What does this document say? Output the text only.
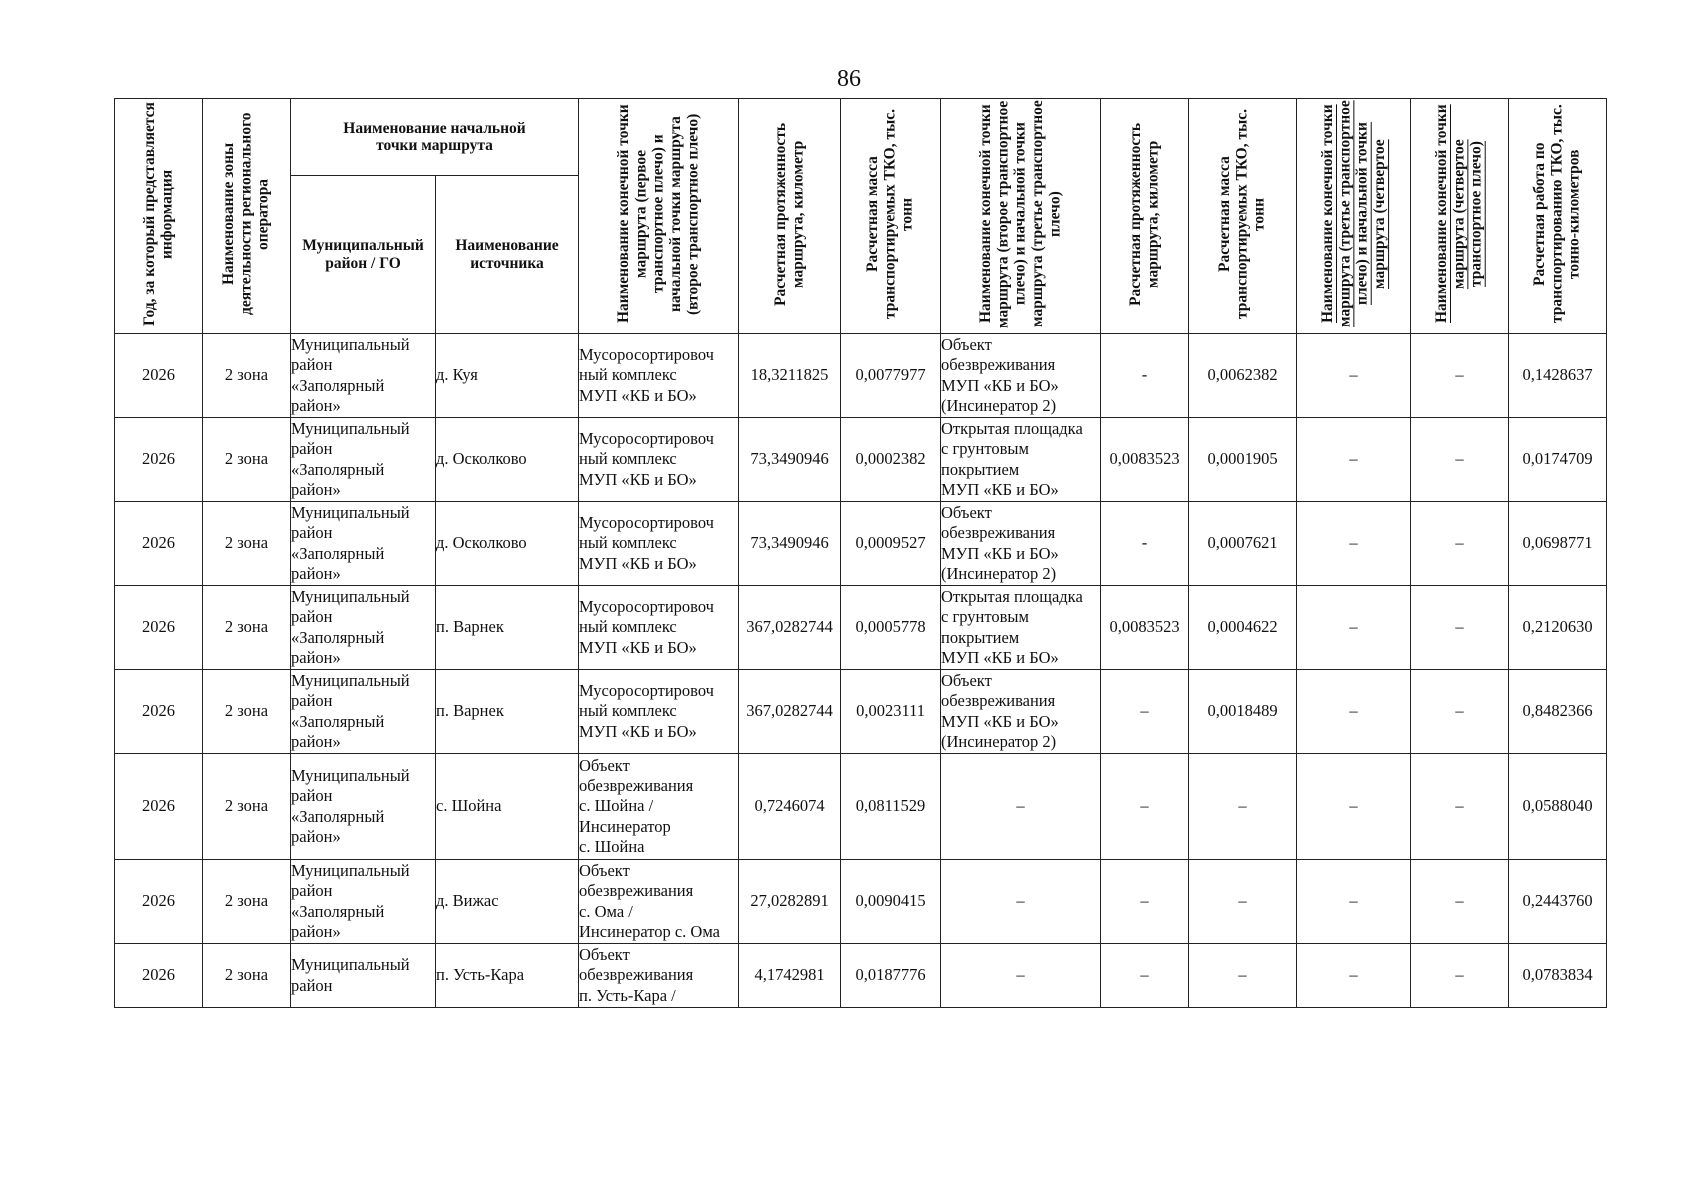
86
Год, за который представляется информация	Наименование зоны деятельности регионального оператора	Наименование начальной точки маршрута		Наименование конечной точки маршрута (первое транспортное плечо) и начальной точки маршрута (второе транспортное плечо)	Расчетная протяженность маршрута, километр	Расчетная масса транспортируемых ТКО, тыс. тонн	Наименование конечной точки маршрута (второе транспортное плечо) и начальной точки маршрута (третье транспортное плечо)	Расчетная протяженность маршрута, километр	Расчетная масса транспортируемых ТКО, тыс. тонн	Наименование конечной точки маршрута (третье транспортное плечо) и начальной точки маршрута (четвертое	Наименование конечной точки маршрута (четвертое транспортное плечо)	Расчетная работа по транспортированию ТКО, тыс. тонно-километров

		Муниципальный район / ГО	Наименование источника									

2026	2 зона	Муниципальный
район
«Заполярный
район»	д. Куя	Мусоросортировоч
ный комплекс
МУП «КБ и БО»	18,3211825	0,0077977	Объект
обезвреживания
МУП «КБ и БО»
(Инсинератор 2)	-	0,0062382	–	–	0,1428637
2026	2 зона	Муниципальный
район
«Заполярный
район»	д. Осколково	Мусоросортировоч
ный комплекс
МУП «КБ и БО»	73,3490946	0,0002382	Открытая площадка
с грунтовым
покрытием
МУП «КБ и БО»	0,0083523	0,0001905	–	–	0,0174709
2026	2 зона	Муниципальный
район
«Заполярный
район»	д. Осколково	Мусоросортировоч
ный комплекс
МУП «КБ и БО»	73,3490946	0,0009527	Объект
обезвреживания
МУП «КБ и БО»
(Инсинератор 2)	-	0,0007621	–	–	0,0698771
2026	2 зона	Муниципальный
район
«Заполярный
район»	п. Варнек	Мусоросортировоч
ный комплекс
МУП «КБ и БО»	367,0282744	0,0005778	Открытая площадка
с грунтовым
покрытием
МУП «КБ и БО»	0,0083523	0,0004622	–	–	0,2120630
2026	2 зона	Муниципальный
район
«Заполярный
район»	п. Варнек	Мусоросортировоч
ный комплекс
МУП «КБ и БО»	367,0282744	0,0023111	Объект
обезвреживания
МУП «КБ и БО»
(Инсинератор 2)	–	0,0018489	–	–	0,8482366
2026	2 зона	Муниципальный
район
«Заполярный
район»	с. Шойна	Объект
обезвреживания
с. Шойна /
Инсинератор
с. Шойна	0,7246074	0,0811529	–	–	–	–	–	0,0588040
2026	2 зона	Муниципальный
район
«Заполярный
район»	д. Вижас	Объект
обезвреживания
с. Ома /
Инсинератор с. Ома	27,0282891	0,0090415	–	–	–	–	–	0,2443760
2026	2 зона	Муниципальный
район	п. Усть-Кара	Объект
обезвреживания
п. Усть-Кара /	4,1742981	0,0187776	–	–	–	–	–	0,0783834
